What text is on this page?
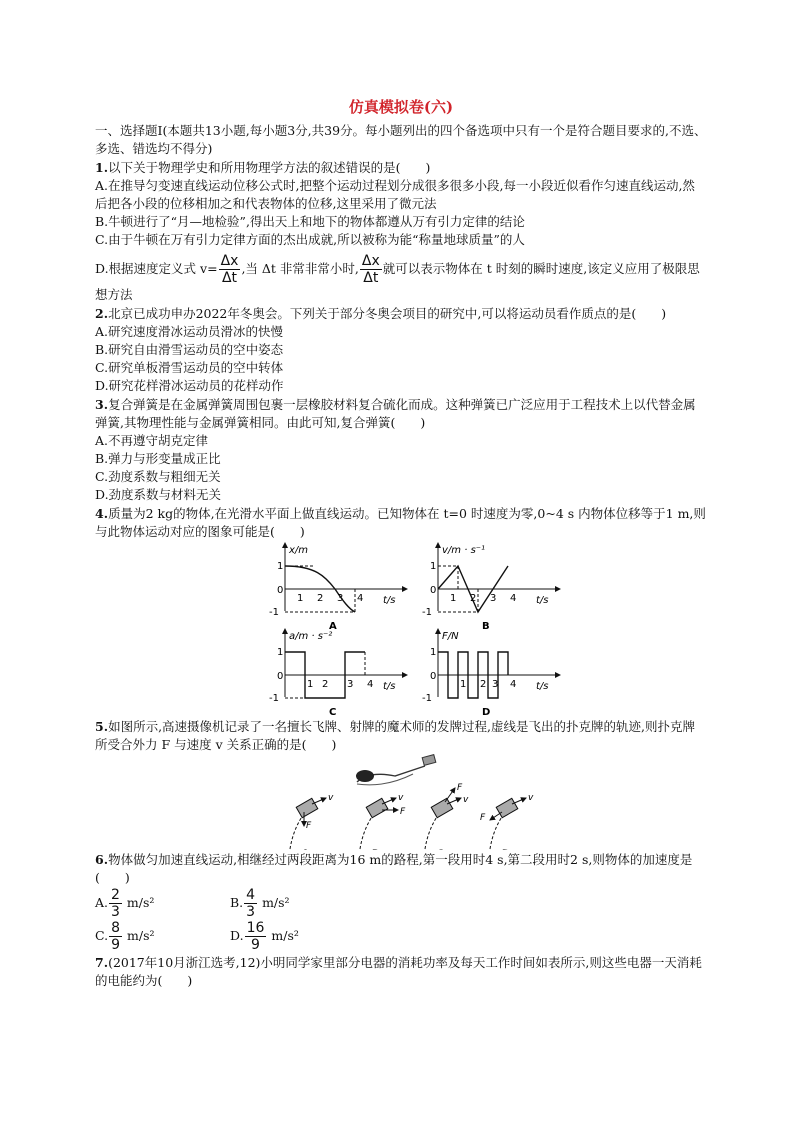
仿真模拟卷(六)

一、选择题Ⅰ(本题共13小题,每小题3分,共39分。每小题列出的四个备选项中只有一个是符合题目要求的,不选、多选、错选均不得分)

1.以下关于物理学史和所用物理学方法的叙述错误的是(　　)

A.在推导匀变速直线运动位移公式时,把整个运动过程划分成很多很多小段,每一小段近似看作匀速直线运动,然后把各小段的位移相加之和代表物体的位移,这里采用了微元法

B.牛顿进行了“月—地检验”,得出天上和地下的物体都遵从万有引力定律的结论

C.由于牛顿在万有引力定律方面的杰出成就,所以被称为能“称量地球质量”的人

D.根据速度定义式 $v= \frac{\Delta x}{\Delta t}$ ,当 Δt 非常非常小时, $\frac{\Delta x}{\Delta t}$ 就可以表示物体在 t 时刻的瞬时速度,该定义应用了极限思想方法

2.北京已成功申办2022年冬奥会。下列关于部分冬奥会项目的研究中,可以将运动员看作质点的是(　　)

A.研究速度滑冰运动员滑冰的快慢

B.研究自由滑雪运动员的空中姿态

C.研究单板滑雪运动员的空中转体

D.研究花样滑冰运动员的花样动作

3.复合弹簧是在金属弹簧周围包裹一层橡胶材料复合硫化而成。这种弹簧已广泛应用于工程技术上以代替金属弹簧,其物理性能与金属弹簧相同。由此可知,复合弹簧(　　)

A.不再遵守胡克定律

B.弹力与形变量成正比

C.劲度系数与粗细无关

D.劲度系数与材料无关

4.质量为2 kg的物体,在光滑水平面上做直线运动。已知物体在 t=0 时速度为零,0~4 s 内物体位移等于1 m,则与此物体运动对应的图象可能是(　　)

x/m
1
0
-1
1 2 3 4 t/s
A
v/m · s⁻¹
1
0
-1
1 2 3 4 t/s
B
a/m · s⁻²
1
0
-1
1 2 3 4 t/s
C
F/N
1
0
-1
1 2 3 4 t/s
D

5.如图所示,高速摄像机记录了一名擅长飞牌、射牌的魔术师的发牌过程,虚线是飞出的扑克牌的轨迹,则扑克牌所受合外力 F 与速度 v 关系正确的是(　　)

v
F
v
F
v
F
v
F

6.物体做匀加速直线运动,相继经过两段距离为16 m的路程,第一段用时4 s,第二段用时2 s,则物体的加速度是(　　)

A. $\frac{2}{3} m/s^2$	B. $\frac{4}{3} m/s^2$
C. $\frac{8}{9} m/s^2$	D. $\frac{16}{9} m/s^2$

7.(2017年10月浙江选考,12)小明同学家里部分电器的消耗功率及每天工作时间如表所示,则这些电器一天消耗的电能约为(　　)
